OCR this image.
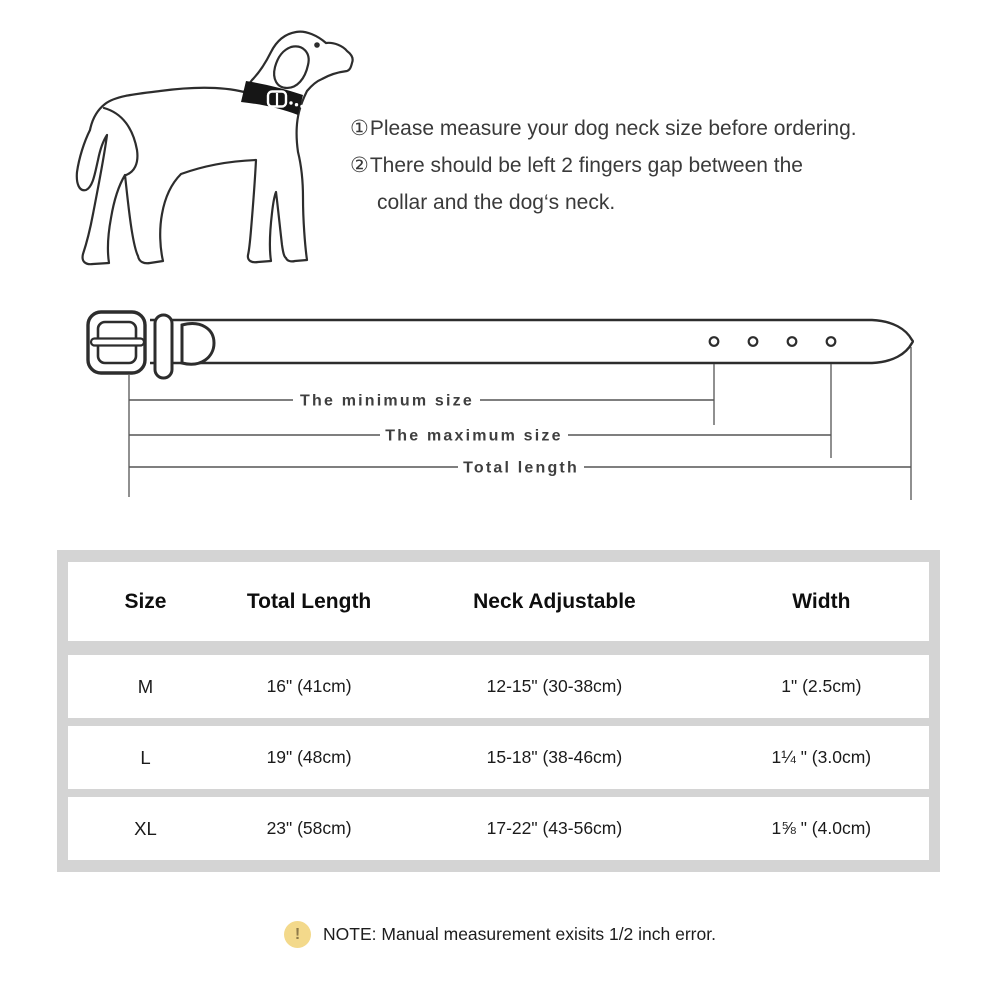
①Please measure your dog neck size before ordering.
②There should be left 2 fingers gap between the
collar and the dog‘s neck.
The minimum size
The maximum size
Total length
Size	Total Length	Neck Adjustable	Width
M	16" (41cm)	12-15" (30-38cm)	1" (2.5cm)
L	19" (48cm)	15-18" (38-46cm)	1¼ " (3.0cm)
XL	23" (58cm)	17-22" (43-56cm)	1⅝ " (4.0cm)
!	NOTE: Manual measurement exisits 1/2 inch error.
